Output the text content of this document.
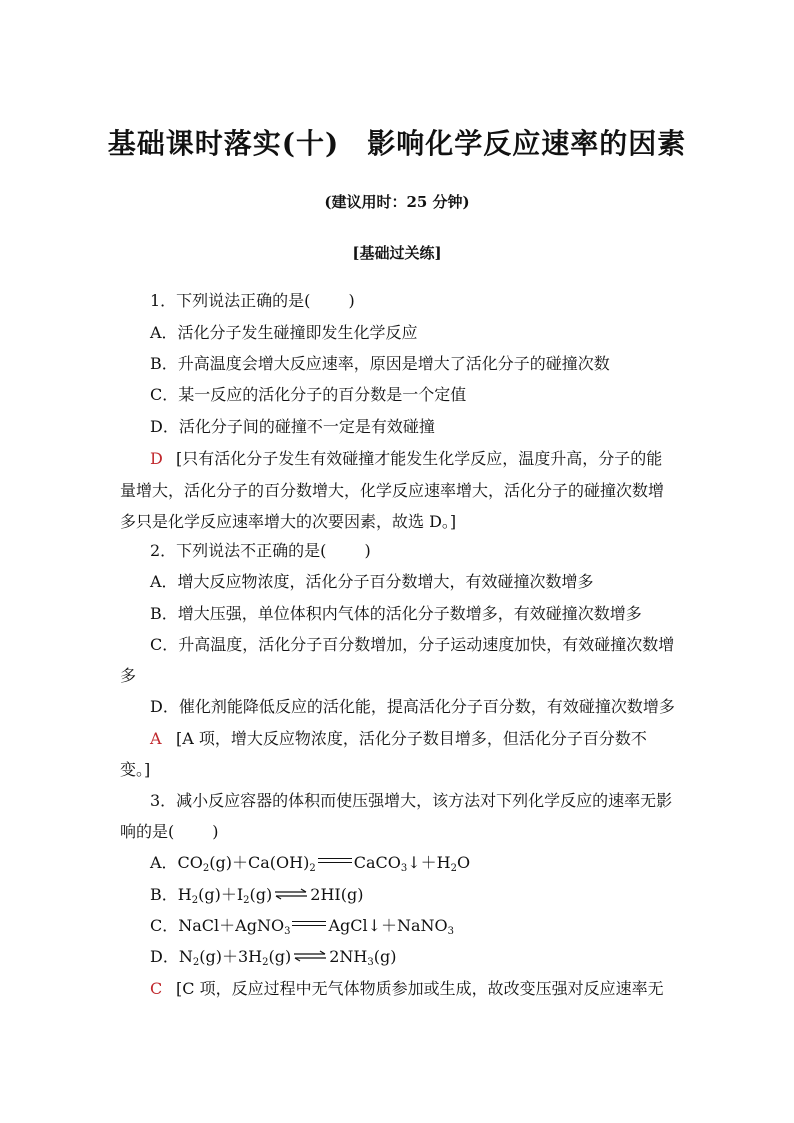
基础课时落实(十) 影响化学反应速率的因素
(建议用时：25 分钟)
[基础过关练]
1．下列说法正确的是( )
A．活化分子发生碰撞即发生化学反应
B．升高温度会增大反应速率，原因是增大了活化分子的碰撞次数
C．某一反应的活化分子的百分数是一个定值
D．活化分子间的碰撞不一定是有效碰撞
D [只有活化分子发生有效碰撞才能发生化学反应，温度升高，分子的能
量增大，活化分子的百分数增大，化学反应速率增大，活化分子的碰撞次数增
多只是化学反应速率增大的次要因素，故选 D。]
2．下列说法不正确的是( )
A．增大反应物浓度，活化分子百分数增大，有效碰撞次数增多
B．增大压强，单位体积内气体的活化分子数增多，有效碰撞次数增多
C．升高温度，活化分子百分数增加，分子运动速度加快，有效碰撞次数增
多
D．催化剂能降低反应的活化能，提高活化分子百分数，有效碰撞次数增多
A [A 项，增大反应物浓度，活化分子数目增多，但活化分子百分数不
变。]
3．减小反应容器的体积而使压强增大，该方法对下列化学反应的速率无影
响的是( )
A．$CO_2(g)+Ca(OH)_2$ $CaCO_3↓+H_2O$
B．$H_2(g)+I_2(g)$ ⇌ 2HI(g)
C．NaCl＋AgNO$_3$ AgCl↓＋NaNO$_3$
D．$N_2(g)+3H_2(g)$ ⇌ $2NH_3(g)$
C [C 项，反应过程中无气体物质参加或生成，故改变压强对反应速率无
